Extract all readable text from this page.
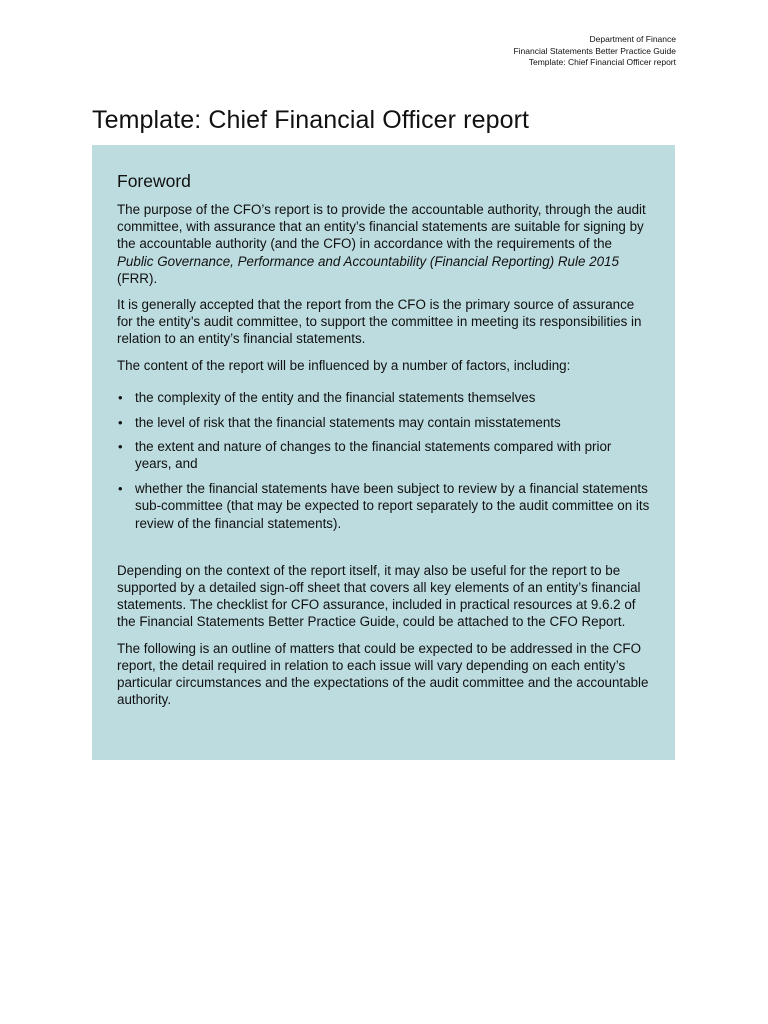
Department of Finance
Financial Statements Better Practice Guide
Template: Chief Financial Officer report
Template: Chief Financial Officer report
Foreword

The purpose of the CFO’s report is to provide the accountable authority, through the audit committee, with assurance that an entity’s financial statements are suitable for signing by the accountable authority (and the CFO) in accordance with the requirements of the Public Governance, Performance and Accountability (Financial Reporting) Rule 2015 (FRR).

It is generally accepted that the report from the CFO is the primary source of assurance for the entity’s audit committee, to support the committee in meeting its responsibilities in relation to an entity’s financial statements.

The content of the report will be influenced by a number of factors, including:

• the complexity of the entity and the financial statements themselves
• the level of risk that the financial statements may contain misstatements
• the extent and nature of changes to the financial statements compared with prior years, and
• whether the financial statements have been subject to review by a financial statements sub-committee (that may be expected to report separately to the audit committee on its review of the financial statements).

Depending on the context of the report itself, it may also be useful for the report to be supported by a detailed sign-off sheet that covers all key elements of an entity’s financial statements. The checklist for CFO assurance, included in practical resources at 9.6.2 of the Financial Statements Better Practice Guide, could be attached to the CFO Report.

The following is an outline of matters that could be expected to be addressed in the CFO report, the detail required in relation to each issue will vary depending on each entity’s particular circumstances and the expectations of the audit committee and the accountable authority.
